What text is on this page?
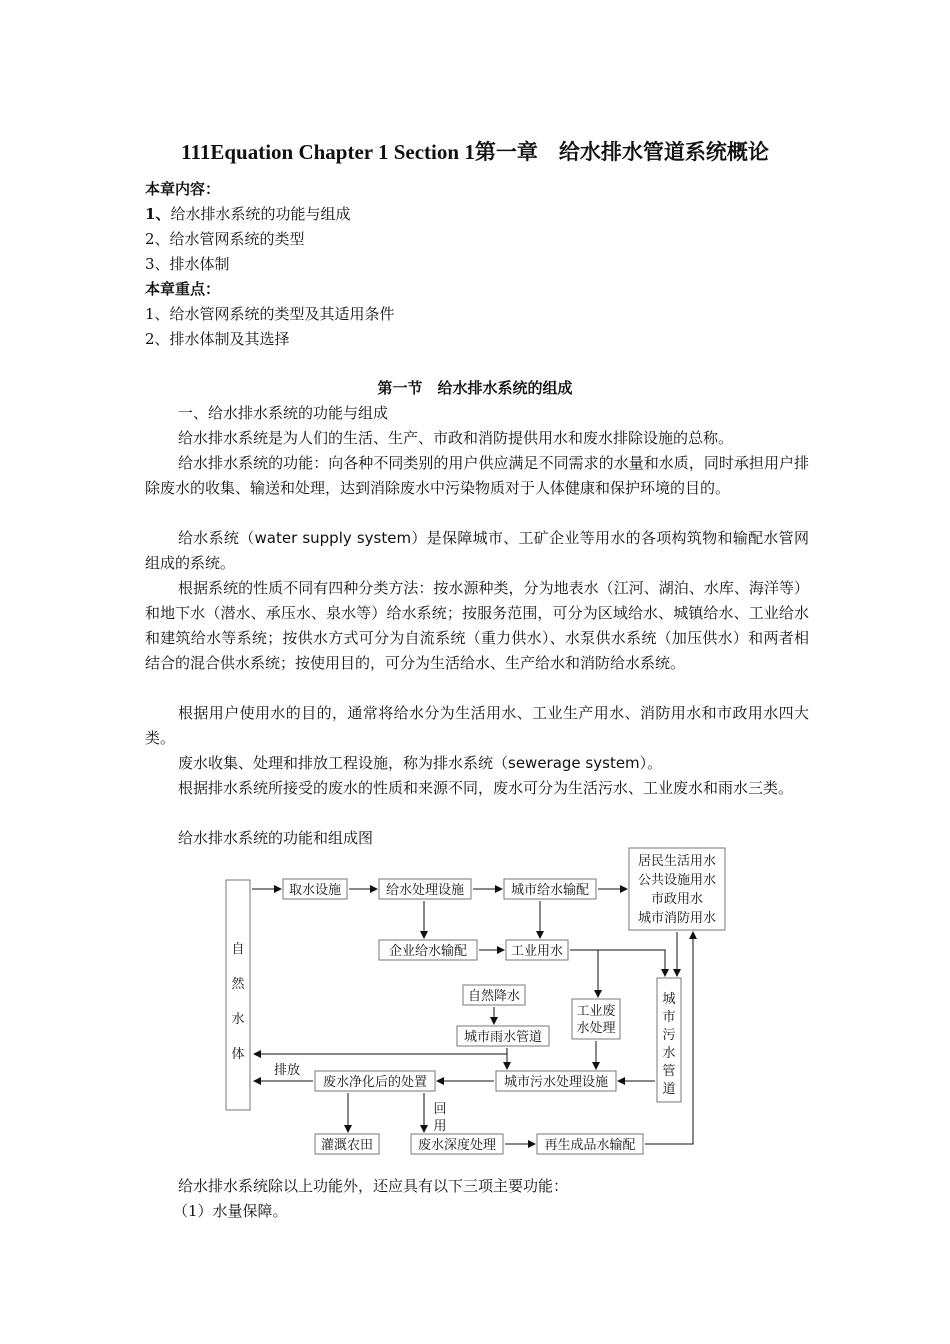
111Equation Chapter 1 Section 1第一章　给水排水管道系统概论
本章内容：
1、给水排水系统的功能与组成
2、给水管网系统的类型
3、排水体制
本章重点：
1、给水管网系统的类型及其适用条件
2、排水体制及其选择
第一节　给水排水系统的组成
一、给水排水系统的功能与组成
给水排水系统是为人们的生活、生产、市政和消防提供用水和废水排除设施的总称。
给水排水系统的功能：向各种不同类别的用户供应满足不同需求的水量和水质，同时承担用户排除废水的收集、输送和处理，达到消除废水中污染物质对于人体健康和保护环境的目的。
给水系统（water supply system）是保障城市、工矿企业等用水的各项构筑物和输配水管网组成的系统。
根据系统的性质不同有四种分类方法：按水源种类，分为地表水（江河、湖泊、水库、海洋等）和地下水（潜水、承压水、泉水等）给水系统；按服务范围，可分为区域给水、城镇给水、工业给水和建筑给水等系统；按供水方式可分为自流系统（重力供水）、水泵供水系统（加压供水）和两者相结合的混合供水系统；按使用目的，可分为生活给水、生产给水和消防给水系统。
根据用户使用水的目的，通常将给水分为生活用水、工业生产用水、消防用水和市政用水四大类。
废水收集、处理和排放工程设施，称为排水系统（sewerage system）。
根据排水系统所接受的废水的性质和来源不同，废水可分为生活污水、工业废水和雨水三类。
给水排水系统的功能和组成图
自
然
水
体
取水设施	给水处理设施	城市给水输配
居民生活用水
公共设施用水
市政用水
城市消防用水
企业给水输配	工业用水
自然降水
工业废
水处理
城
市
污
水
管
道
城市雨水管道
排放
废水净化后的处置	城市污水处理设施
回
用
灌溉农田	废水深度处理	再生成品水输配
给水排水系统除以上功能外，还应具有以下三项主要功能：
（1）水量保障。
